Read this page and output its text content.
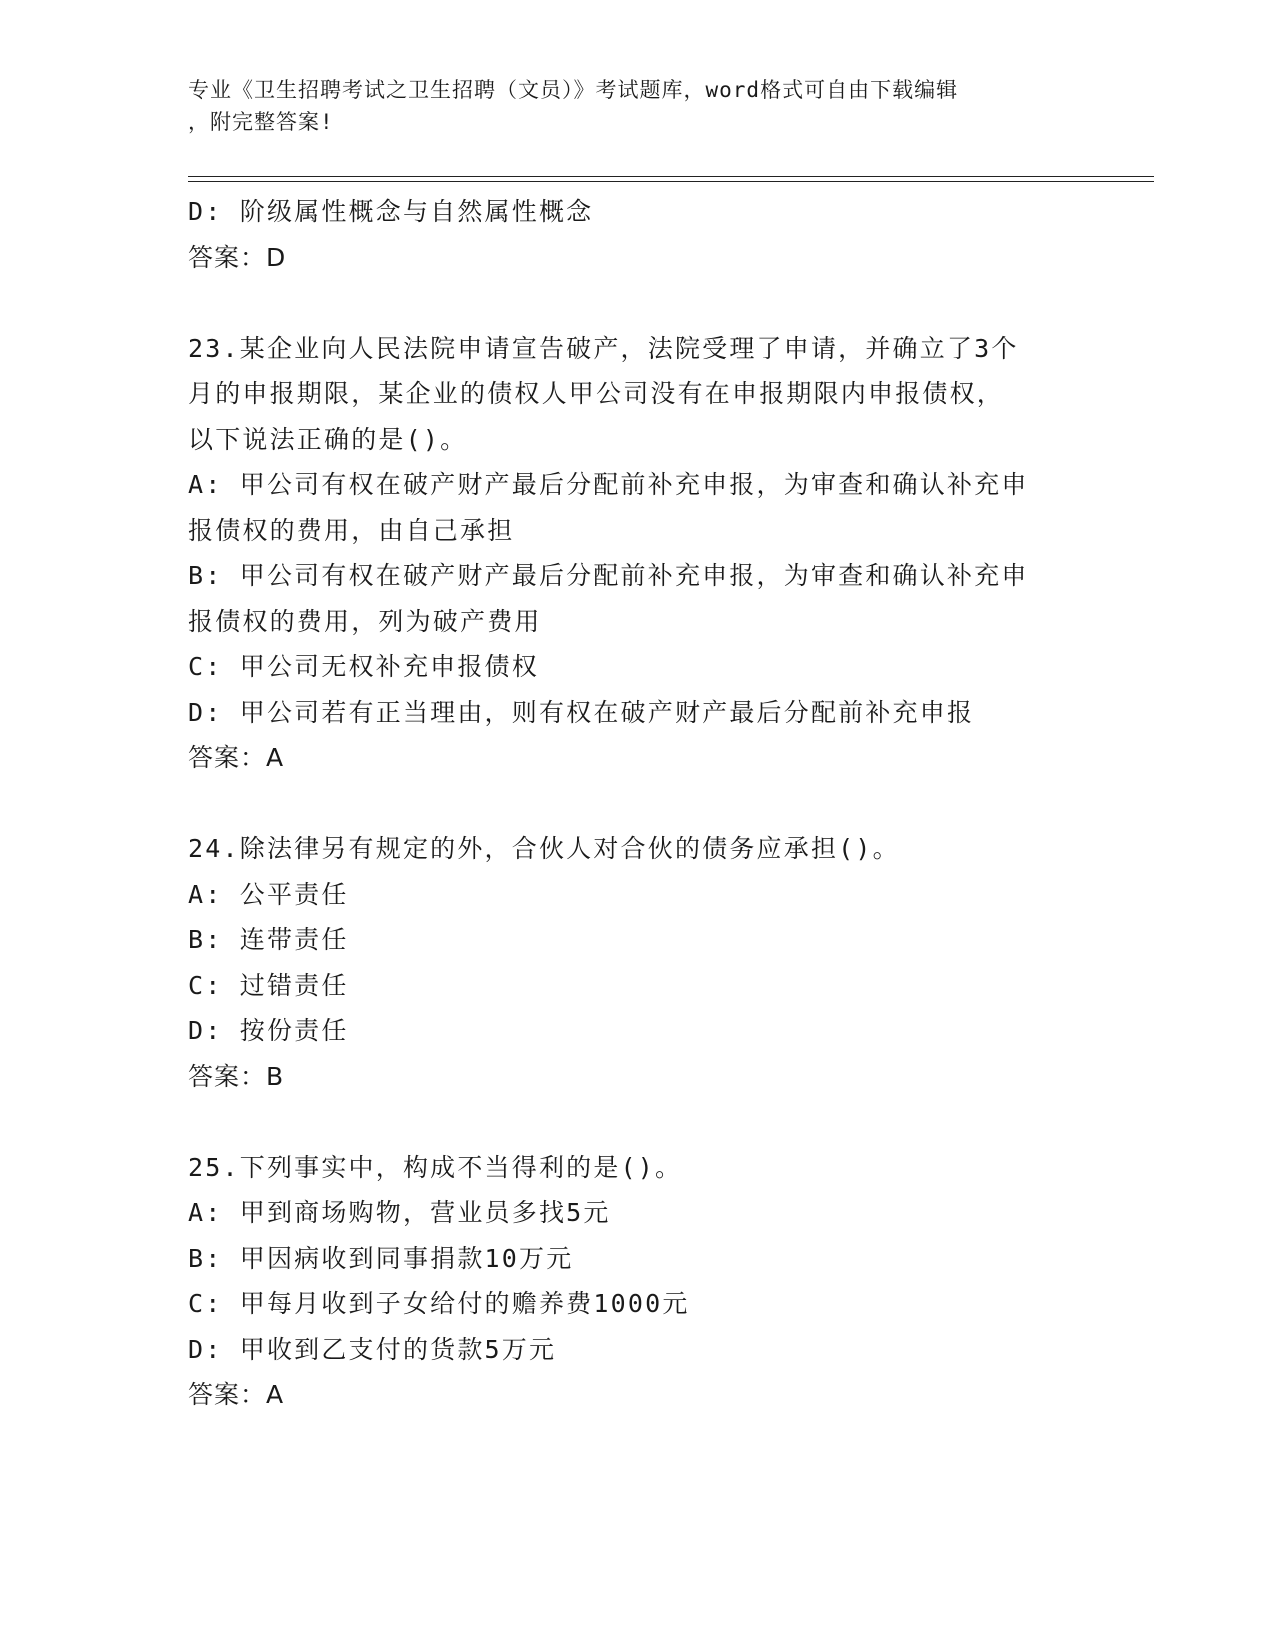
专业《卫生招聘考试之卫生招聘（文员）》考试题库，word格式可自由下载编辑
，附完整答案!
D: 阶级属性概念与自然属性概念
答案：D
23.某企业向人民法院申请宣告破产，法院受理了申请，并确立了3个
月的申报期限，某企业的债权人甲公司没有在申报期限内申报债权，
以下说法正确的是()。
A: 甲公司有权在破产财产最后分配前补充申报，为审查和确认补充申
报债权的费用，由自己承担
B: 甲公司有权在破产财产最后分配前补充申报，为审查和确认补充申
报债权的费用，列为破产费用
C: 甲公司无权补充申报债权
D: 甲公司若有正当理由，则有权在破产财产最后分配前补充申报
答案：A
24.除法律另有规定的外，合伙人对合伙的债务应承担()。
A: 公平责任
B: 连带责任
C: 过错责任
D: 按份责任
答案：B
25.下列事实中，构成不当得利的是()。
A: 甲到商场购物，营业员多找5元
B: 甲因病收到同事捐款10万元
C: 甲每月收到子女给付的赡养费1000元
D: 甲收到乙支付的货款5万元
答案：A
